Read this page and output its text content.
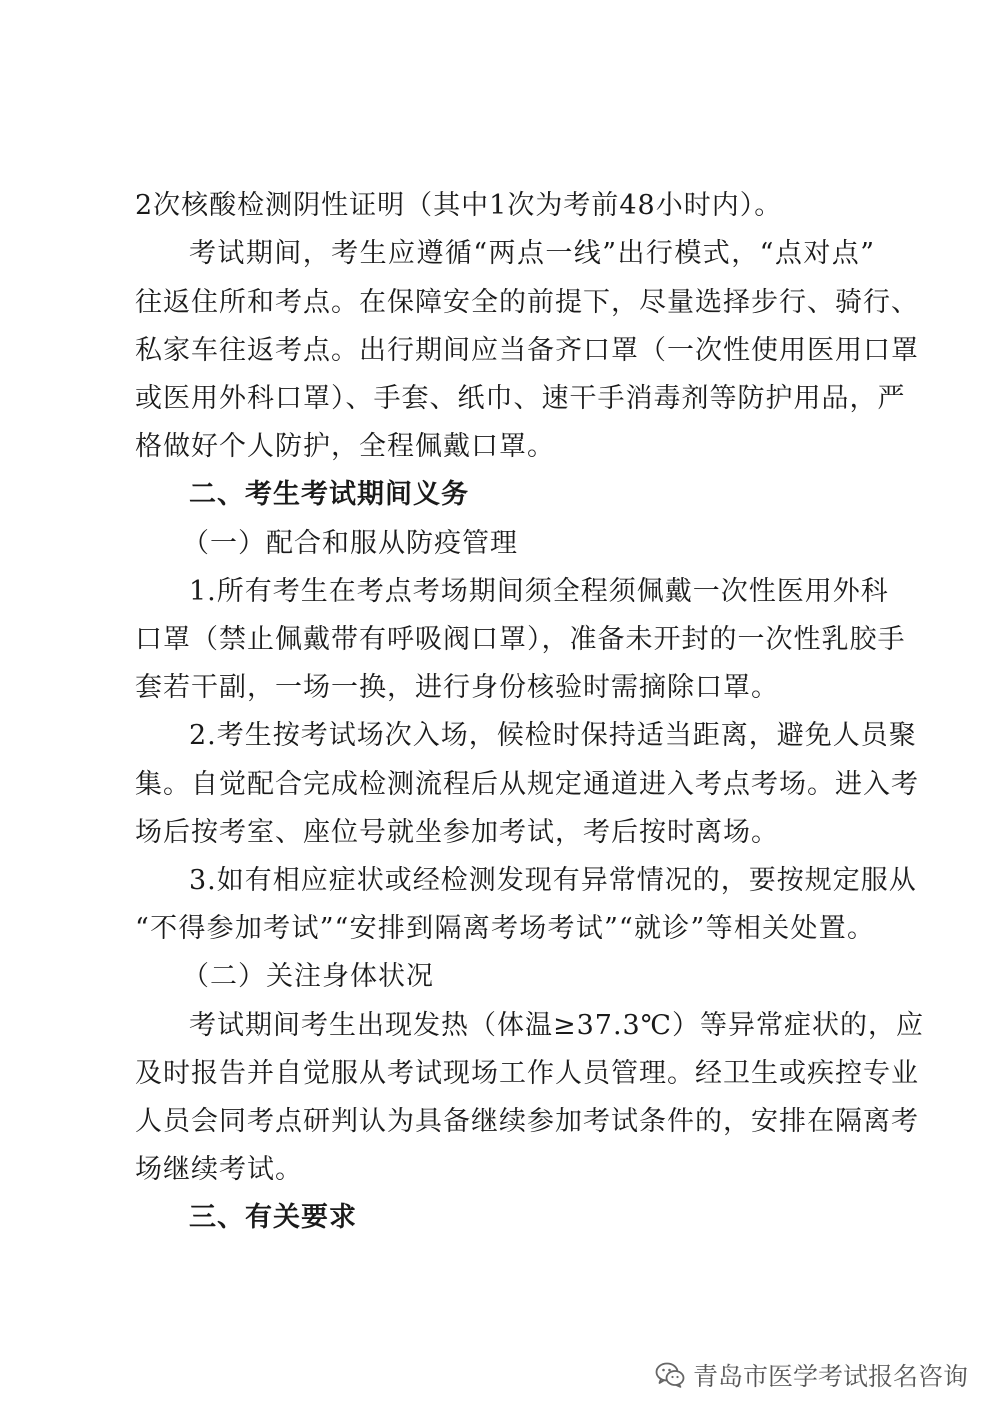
2次核酸检测阴性证明（其中1次为考前48小时内）。
考试期间，考生应遵循“两点一线”出行模式，“点对点”
往返住所和考点。在保障安全的前提下，尽量选择步行、骑行、
私家车往返考点。出行期间应当备齐口罩（一次性使用医用口罩
或医用外科口罩）、手套、纸巾、速干手消毒剂等防护用品，严
格做好个人防护，全程佩戴口罩。
二、考生考试期间义务
（一）配合和服从防疫管理
1.所有考生在考点考场期间须全程须佩戴一次性医用外科
口罩（禁止佩戴带有呼吸阀口罩），准备未开封的一次性乳胶手
套若干副，一场一换，进行身份核验时需摘除口罩。
2.考生按考试场次入场，候检时保持适当距离，避免人员聚
集。自觉配合完成检测流程后从规定通道进入考点考场。进入考
场后按考室、座位号就坐参加考试，考后按时离场。
3.如有相应症状或经检测发现有异常情况的，要按规定服从
“不得参加考试”“安排到隔离考场考试”“就诊”等相关处置。
（二）关注身体状况
考试期间考生出现发热（体温≥37.3℃）等异常症状的，应
及时报告并自觉服从考试现场工作人员管理。经卫生或疾控专业
人员会同考点研判认为具备继续参加考试条件的，安排在隔离考
场继续考试。
三、有关要求
青岛市医学考试报名咨询
